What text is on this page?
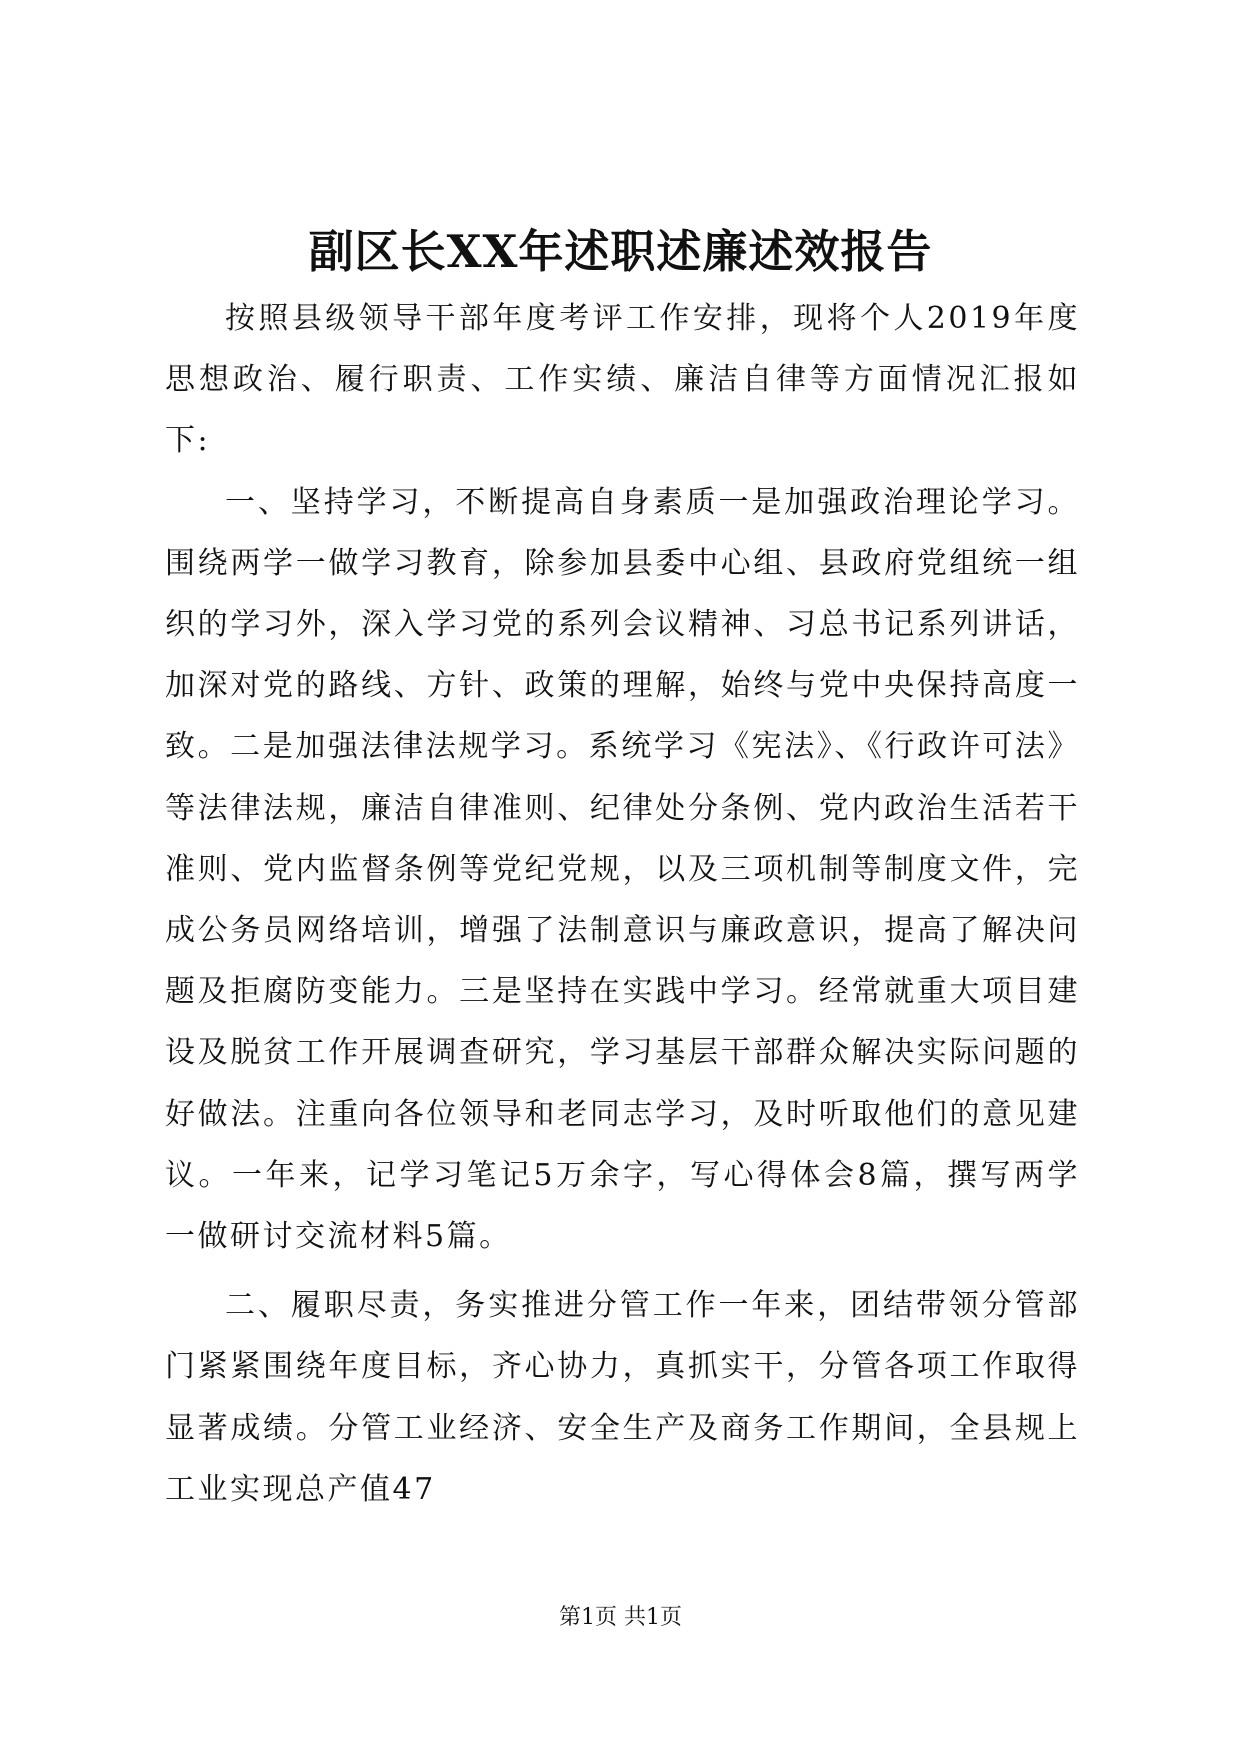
副区长XX年述职述廉述效报告

按照县级领导干部年度考评工作安排，现将个人2019年度思想政治、履行职责、工作实绩、廉洁自律等方面情况汇报如下:

一、坚持学习，不断提高自身素质一是加强政治理论学习。围绕两学一做学习教育，除参加县委中心组、县政府党组统一组织的学习外，深入学习党的系列会议精神、习总书记系列讲话，加深对党的路线、方针、政策的理解，始终与党中央保持高度一致。二是加强法律法规学习。系统学习《宪法》、《行政许可法》等法律法规，廉洁自律准则、纪律处分条例、党内政治生活若干准则、党内监督条例等党纪党规，以及三项机制等制度文件，完成公务员网络培训，增强了法制意识与廉政意识，提高了解决问题及拒腐防变能力。三是坚持在实践中学习。经常就重大项目建设及脱贫工作开展调查研究，学习基层干部群众解决实际问题的好做法。注重向各位领导和老同志学习，及时听取他们的意见建议。一年来，记学习笔记5万余字，写心得体会8篇，撰写两学一做研讨交流材料5篇。

二、履职尽责，务实推进分管工作一年来，团结带领分管部门紧紧围绕年度目标，齐心协力，真抓实干，分管各项工作取得显著成绩。分管工业经济、安全生产及商务工作期间，全县规上工业实现总产值47

第1页 共1页
